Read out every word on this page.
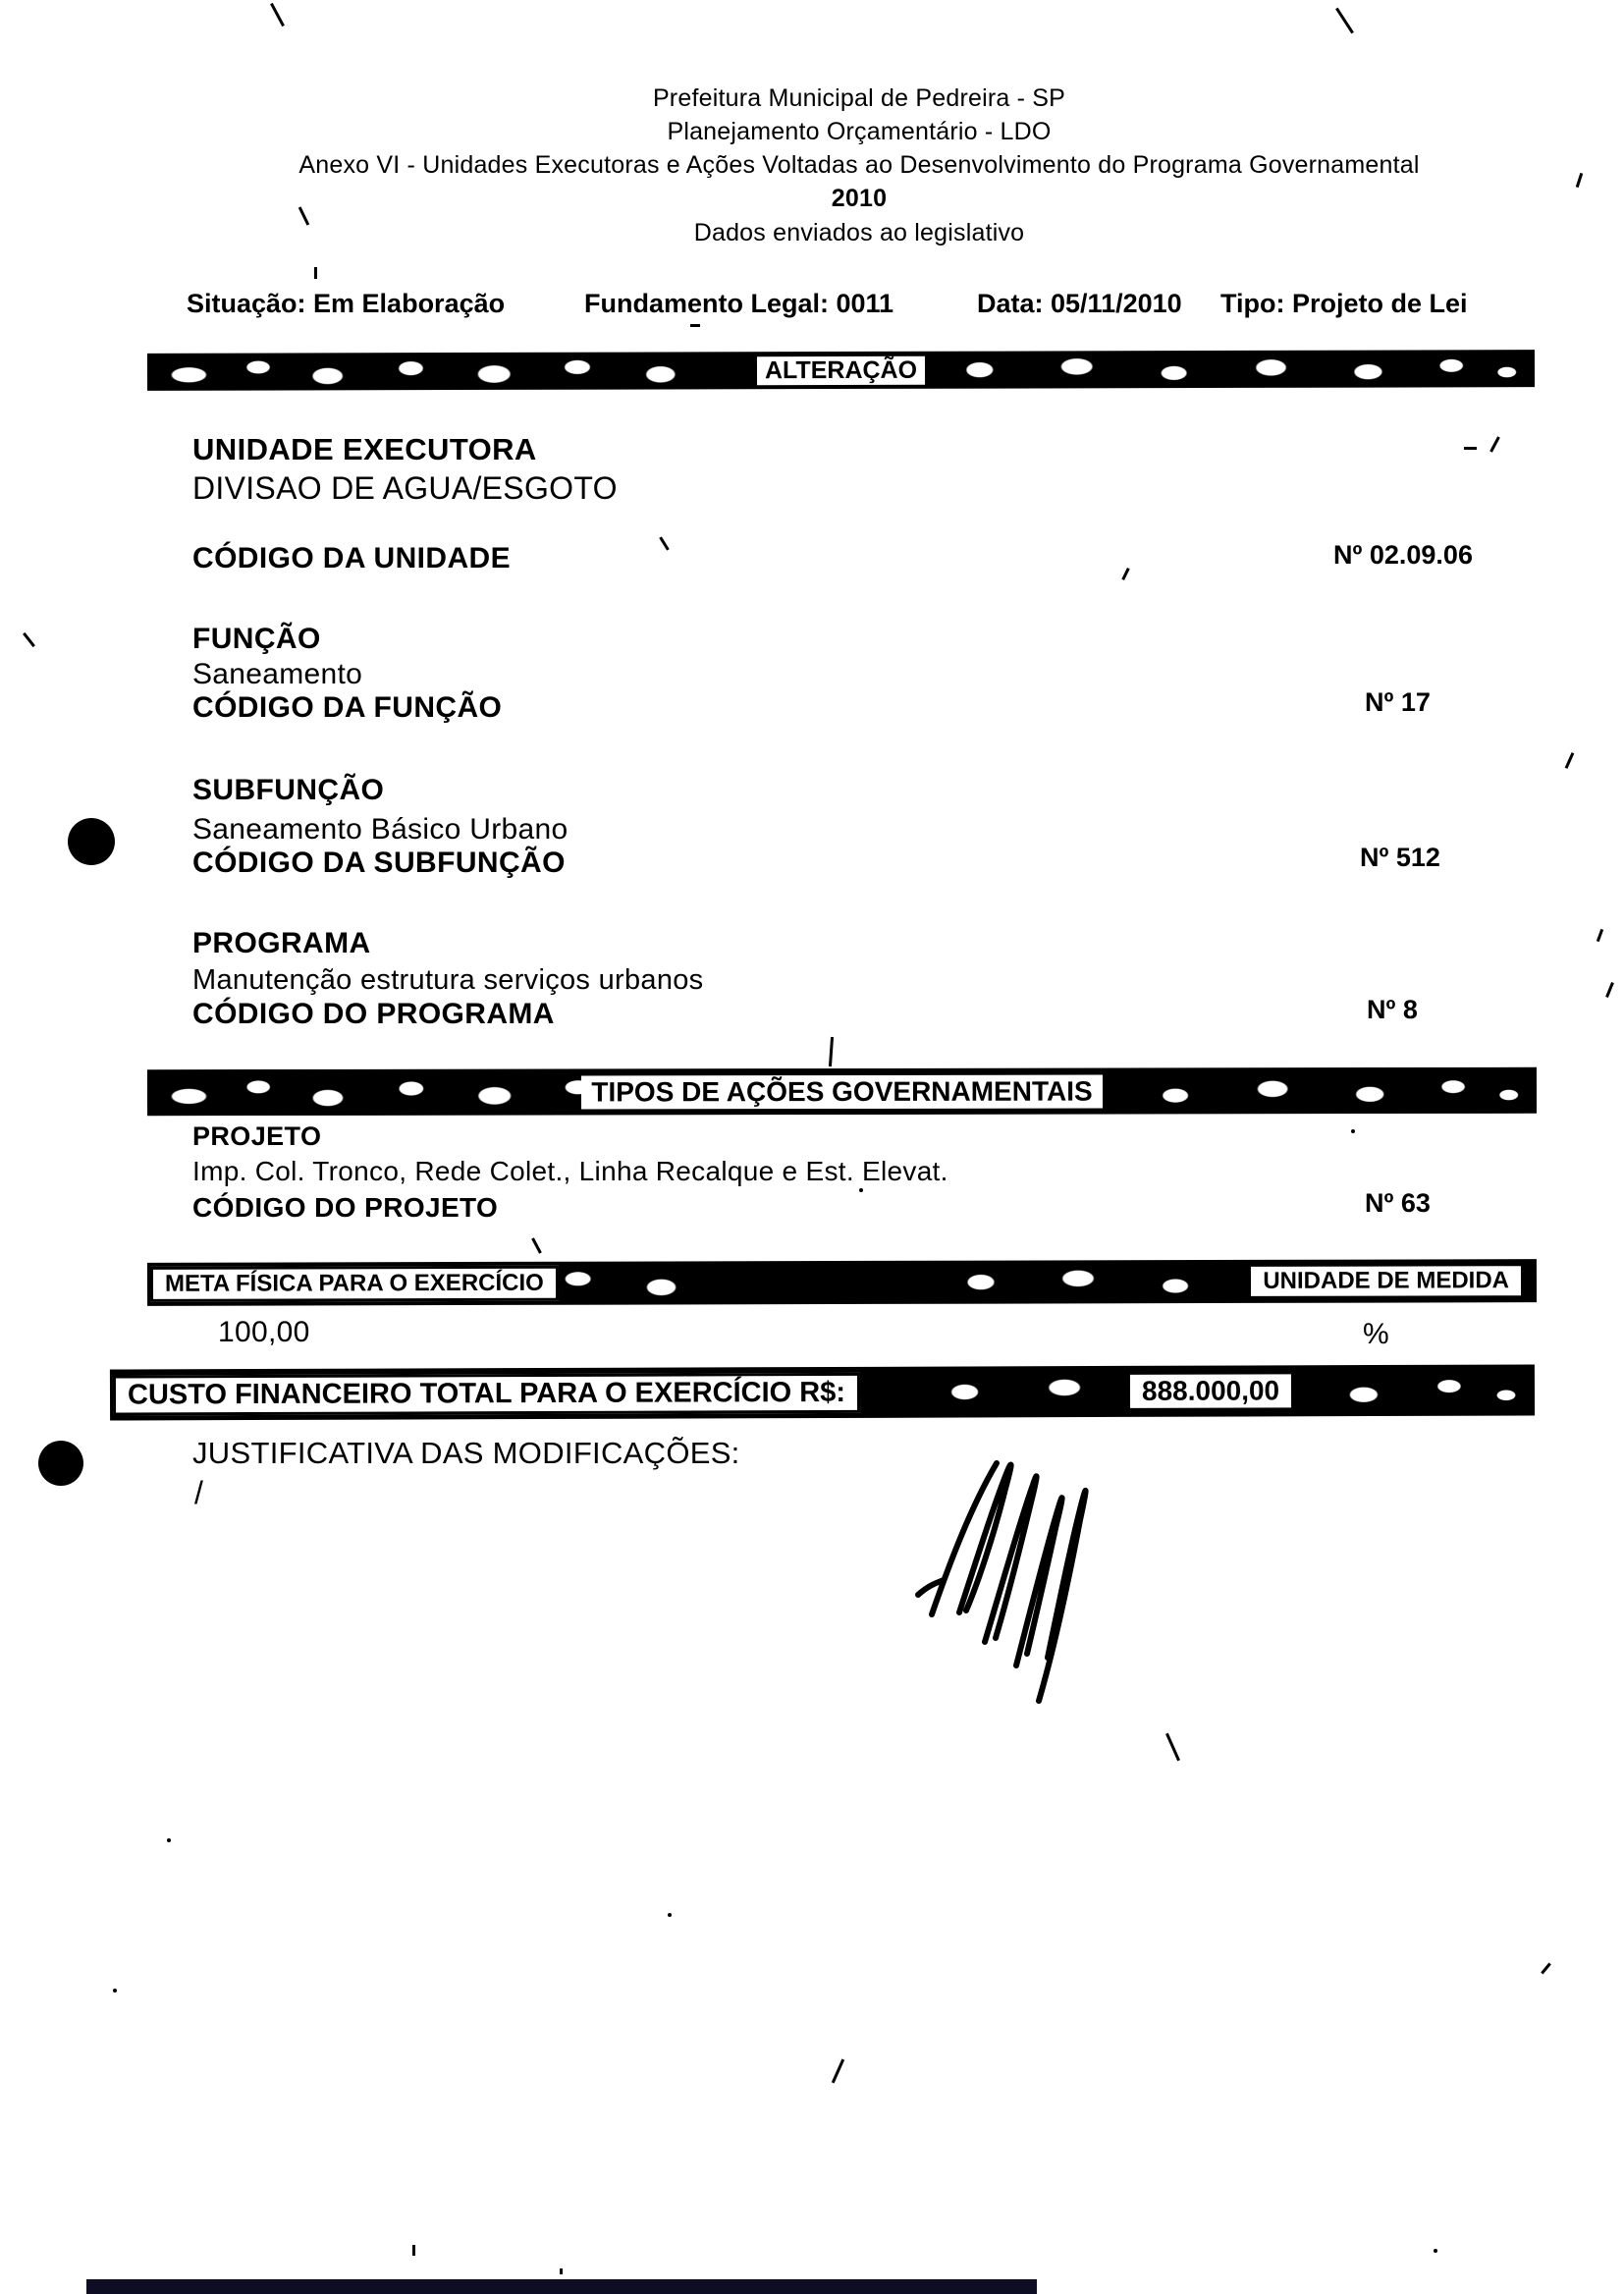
Prefeitura Municipal de Pedreira - SP
Planejamento Orçamentário - LDO
Anexo VI - Unidades Executoras e Ações Voltadas ao Desenvolvimento do Programa Governamental
2010
Dados enviados ao legislativo
Situação: Em Elaboração	Fundamento Legal: 0011	Data: 05/11/2010 Tipo: Projeto de Lei
ALTERAÇÃO
UNIDADE EXECUTORA
DIVISAO DE AGUA/ESGOTO
CÓDIGO DA UNIDADE	Nº 02.09.06
FUNÇÃO
Saneamento
CÓDIGO DA FUNÇÃO	Nº 17
SUBFUNÇÃO
Saneamento Básico Urbano
CÓDIGO DA SUBFUNÇÃO	Nº 512
PROGRAMA
Manutenção estrutura serviços urbanos
CÓDIGO DO PROGRAMA	Nº 8
TIPOS DE AÇÕES GOVERNAMENTAIS
PROJETO
Imp. Col. Tronco, Rede Colet., Linha Recalque e Est. Elevat.
CÓDIGO DO PROJETO	Nº 63
META FÍSICA PARA O EXERCÍCIO	UNIDADE DE MEDIDA
100,00	%
CUSTO FINANCEIRO TOTAL PARA O EXERCÍCIO R$:	888.000,00
JUSTIFICATIVA DAS MODIFICAÇÕES:
/
